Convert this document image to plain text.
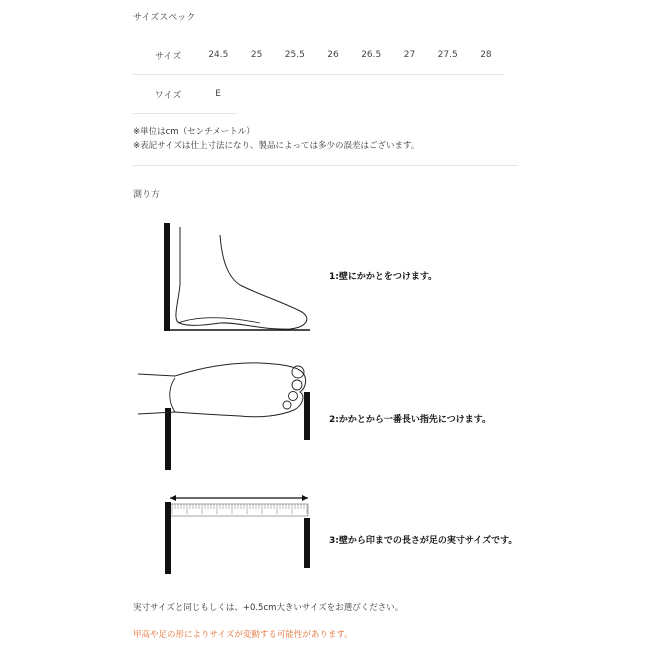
サイズスペック
サイズ	24.5	25	25.5	26	26.5	27	27.5	28
ワイズ	E
※単位はcm（センチメートル）
※表記サイズは仕上寸法になり、製品によっては多少の誤差はございます。
測り方
1:壁にかかとをつけます。
2:かかとから一番長い指先につけます。
3:壁から印までの長さが足の実寸サイズです。
実寸サイズと同じもしくは、+0.5cm大きいサイズをお選びください。
甲高や足の形によりサイズが変動する可能性があります。
